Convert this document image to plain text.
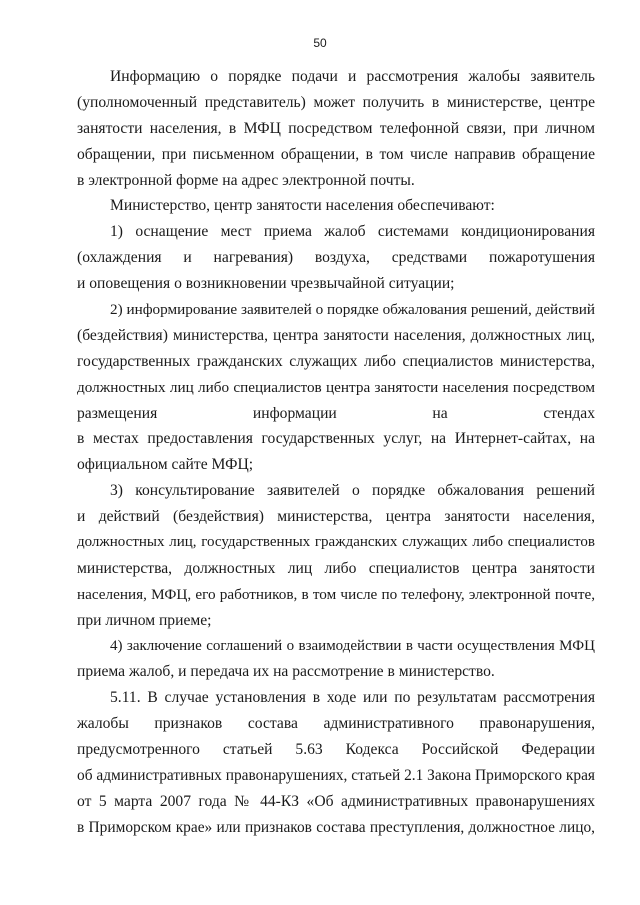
50
Информацию о порядке подачи и рассмотрения жалобы заявитель
(уполномоченный представитель) может получить в министерстве, центре
занятости населения, в МФЦ посредством телефонной связи, при личном
обращении, при письменном обращении, в том числе направив обращение
в электронной форме на адрес электронной почты.
Министерство, центр занятости населения обеспечивают:
1) оснащение мест приема жалоб системами кондиционирования
(охлаждения и нагревания) воздуха, средствами пожаротушения
и оповещения о возникновении чрезвычайной ситуации;
2) информирование заявителей о порядке обжалования решений, действий
(бездействия) министерства, центра занятости населения, должностных лиц,
государственных гражданских служащих либо специалистов министерства,
должностных лиц либо специалистов центра занятости населения посредством
размещения информации на стендах
в местах предоставления государственных услуг, на Интернет-сайтах, на
официальном сайте МФЦ;
3) консультирование заявителей о порядке обжалования решений
и действий (бездействия) министерства, центра занятости населения,
должностных лиц, государственных гражданских служащих либо специалистов
министерства, должностных лиц либо специалистов центра занятости
населения, МФЦ, его работников, в том числе по телефону, электронной почте,
при личном приеме;
4) заключение соглашений о взаимодействии в части осуществления МФЦ
приема жалоб, и передача их на рассмотрение в министерство.
5.11. В случае установления в ходе или по результатам рассмотрения
жалобы признаков состава административного правонарушения,
предусмотренного статьей 5.63 Кодекса Российской Федерации
об административных правонарушениях, статьей 2.1 Закона Приморского края
от 5 марта 2007 года № 44-КЗ «Об административных правонарушениях
в Приморском крае» или признаков состава преступления, должностное лицо,
